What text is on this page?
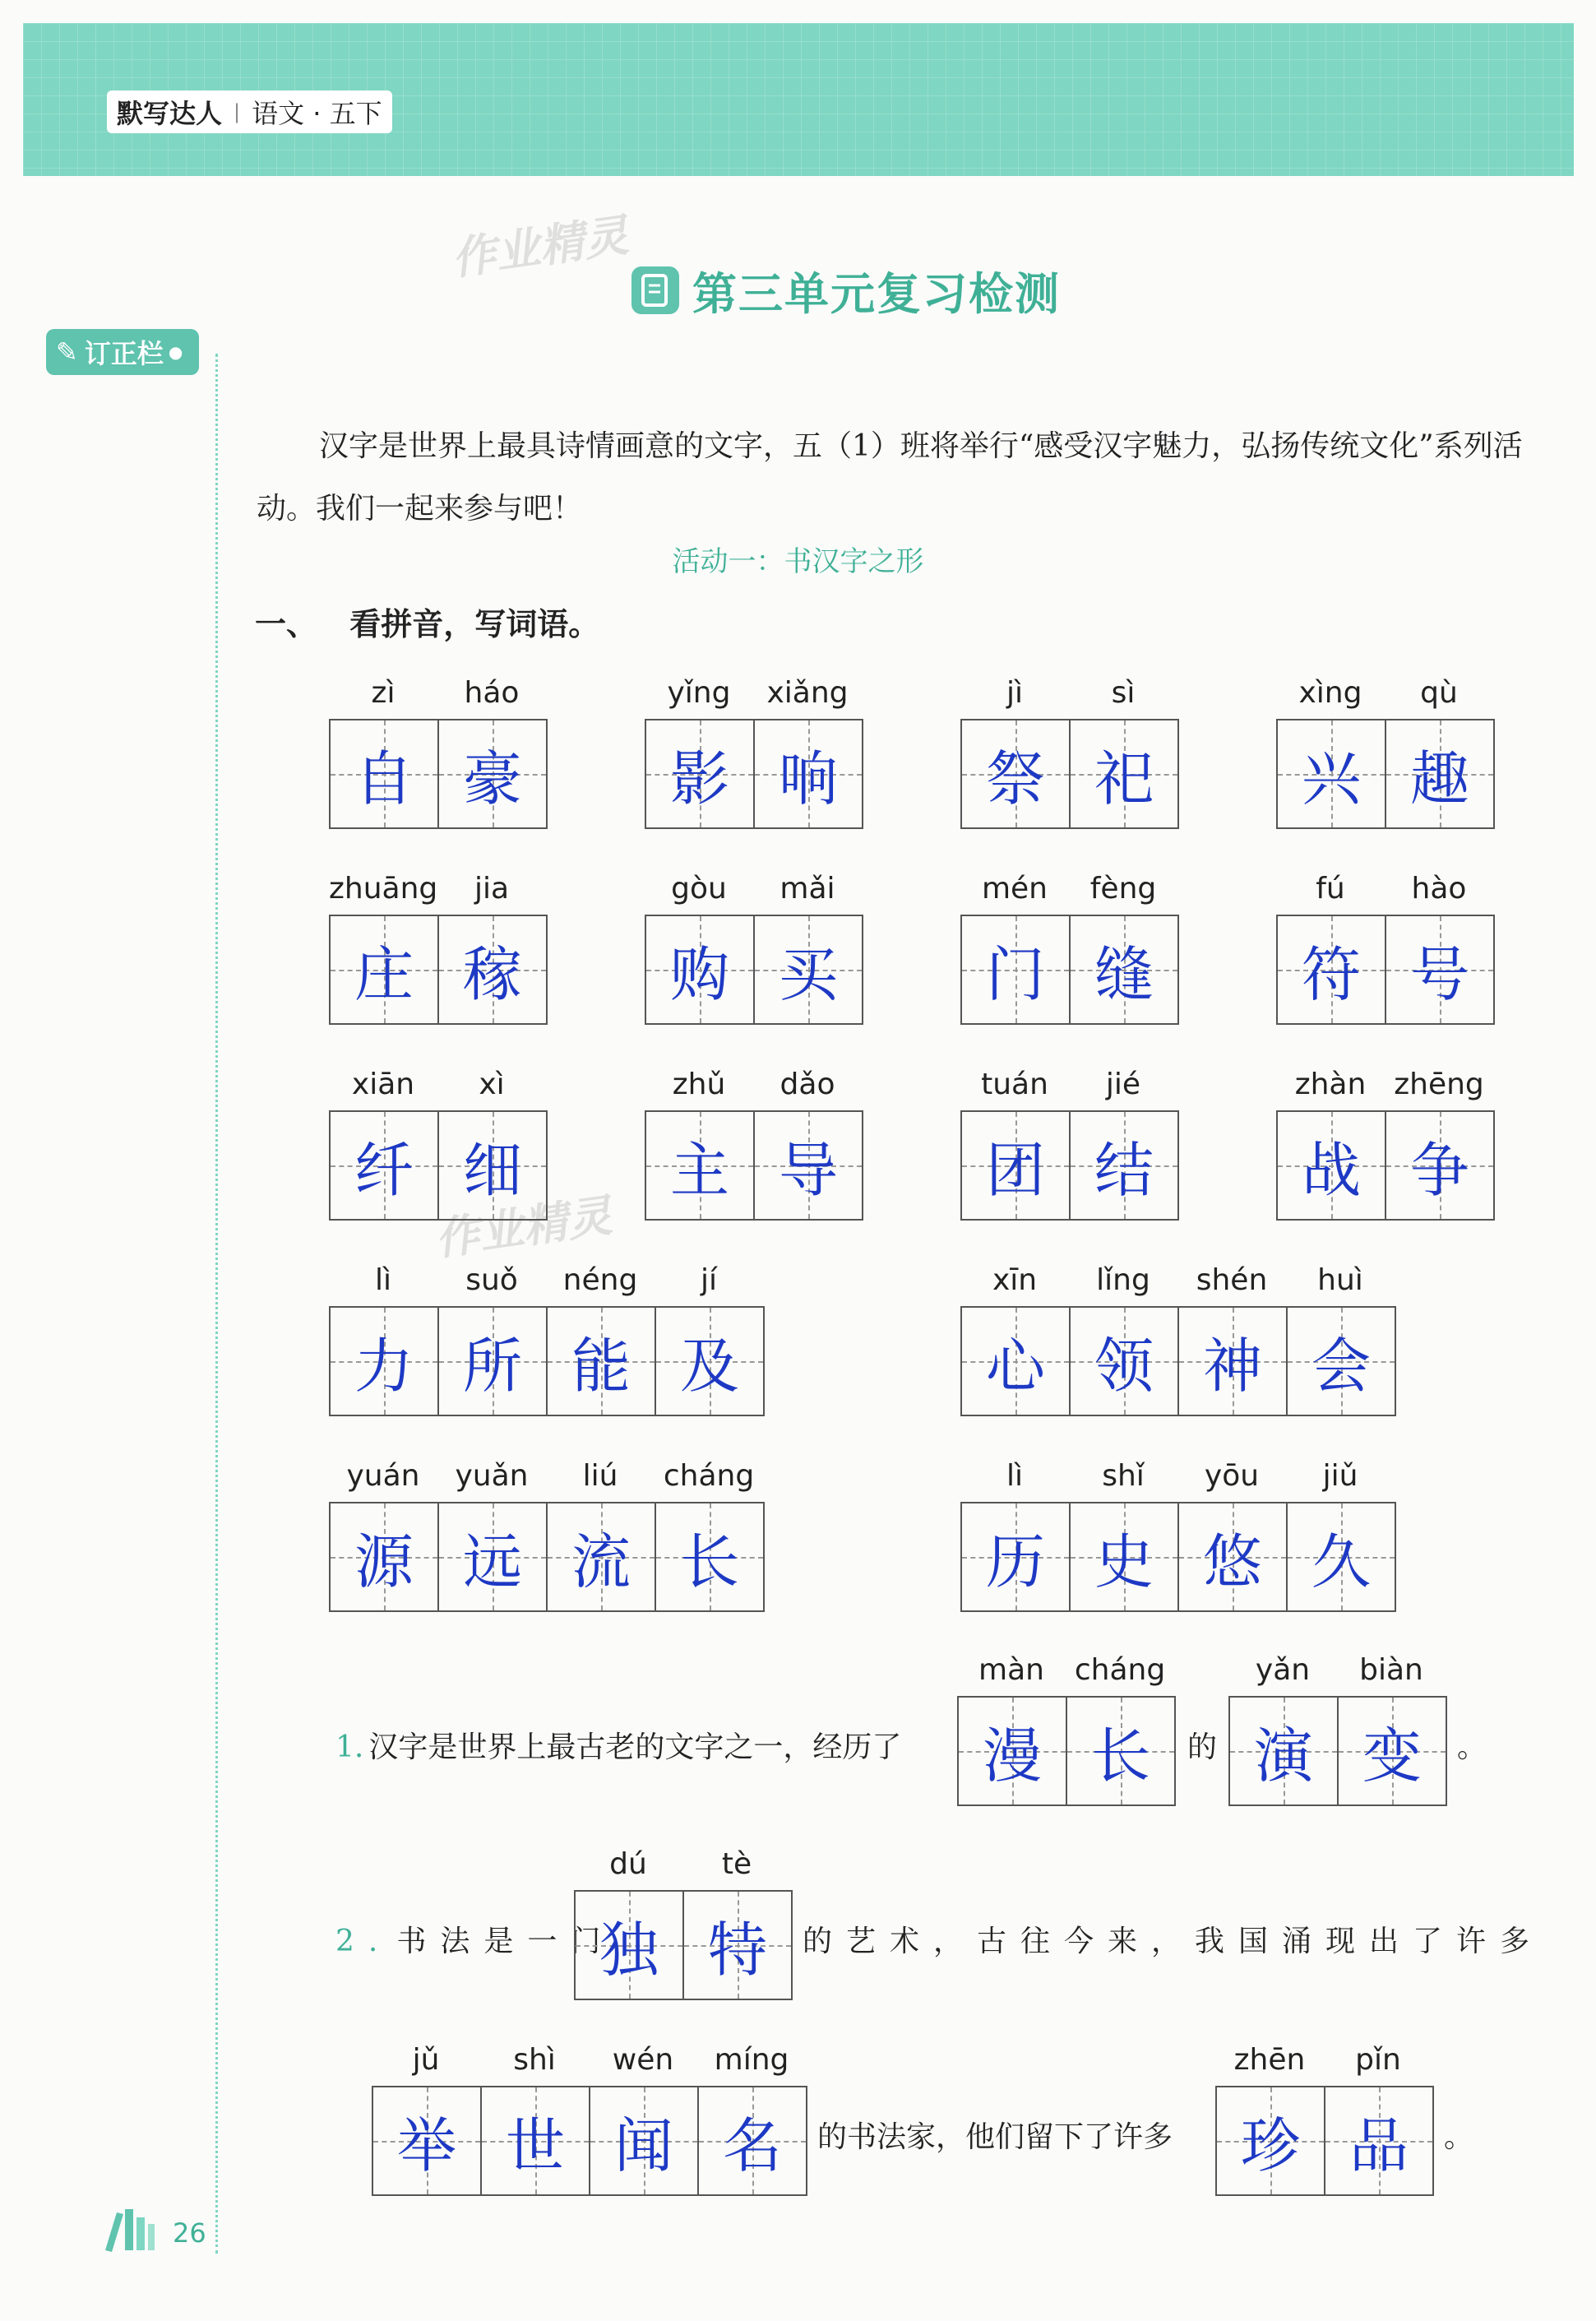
默写达人 | 语文 · 五下
作业精灵
作业精灵
第三单元复习检测
✎ 订正栏 ●

汉字是世界上最具诗情画意的文字，五（1）班将举行“感受汉字魅力，弘扬传统文化”系列活动。我们一起来参与吧！

活动一：书汉字之形
一、 看拼音，写词语。
zì	háo
自 豪
yǐng	xiǎng
影 响
jì	sì
祭 祀
xìng	qù
兴 趣
zhuāng	jia
庄 稼
gòu	mǎi
购 买
mén	fèng
门 缝
fú	hào
符 号
xiān	xì
纤 细
zhǔ	dǎo
主 导
tuán	jié
团 结
zhàn zhēng
战 争
lì	suǒ	néng	jí
力 所 能 及
xīn	lǐng	shén	huì
心 领 神 会
yuán	yuǎn	liú	cháng
源 远 流 长
lì	shǐ	yōu	jiǔ
历 史 悠 久
1. 汉字是世界上最古老的文字之一，经历了
màn	cháng
漫 长 的
yǎn	biàn
演 变 。
2. 书法是一门
dú	tè
独 特 的艺术，古往今来，我国涌现出了许多
jǔ	shì	wén	míng
举 世 闻 名 的书法家，他们留下了许多
zhēn	pǐn
珍 品 。
26
